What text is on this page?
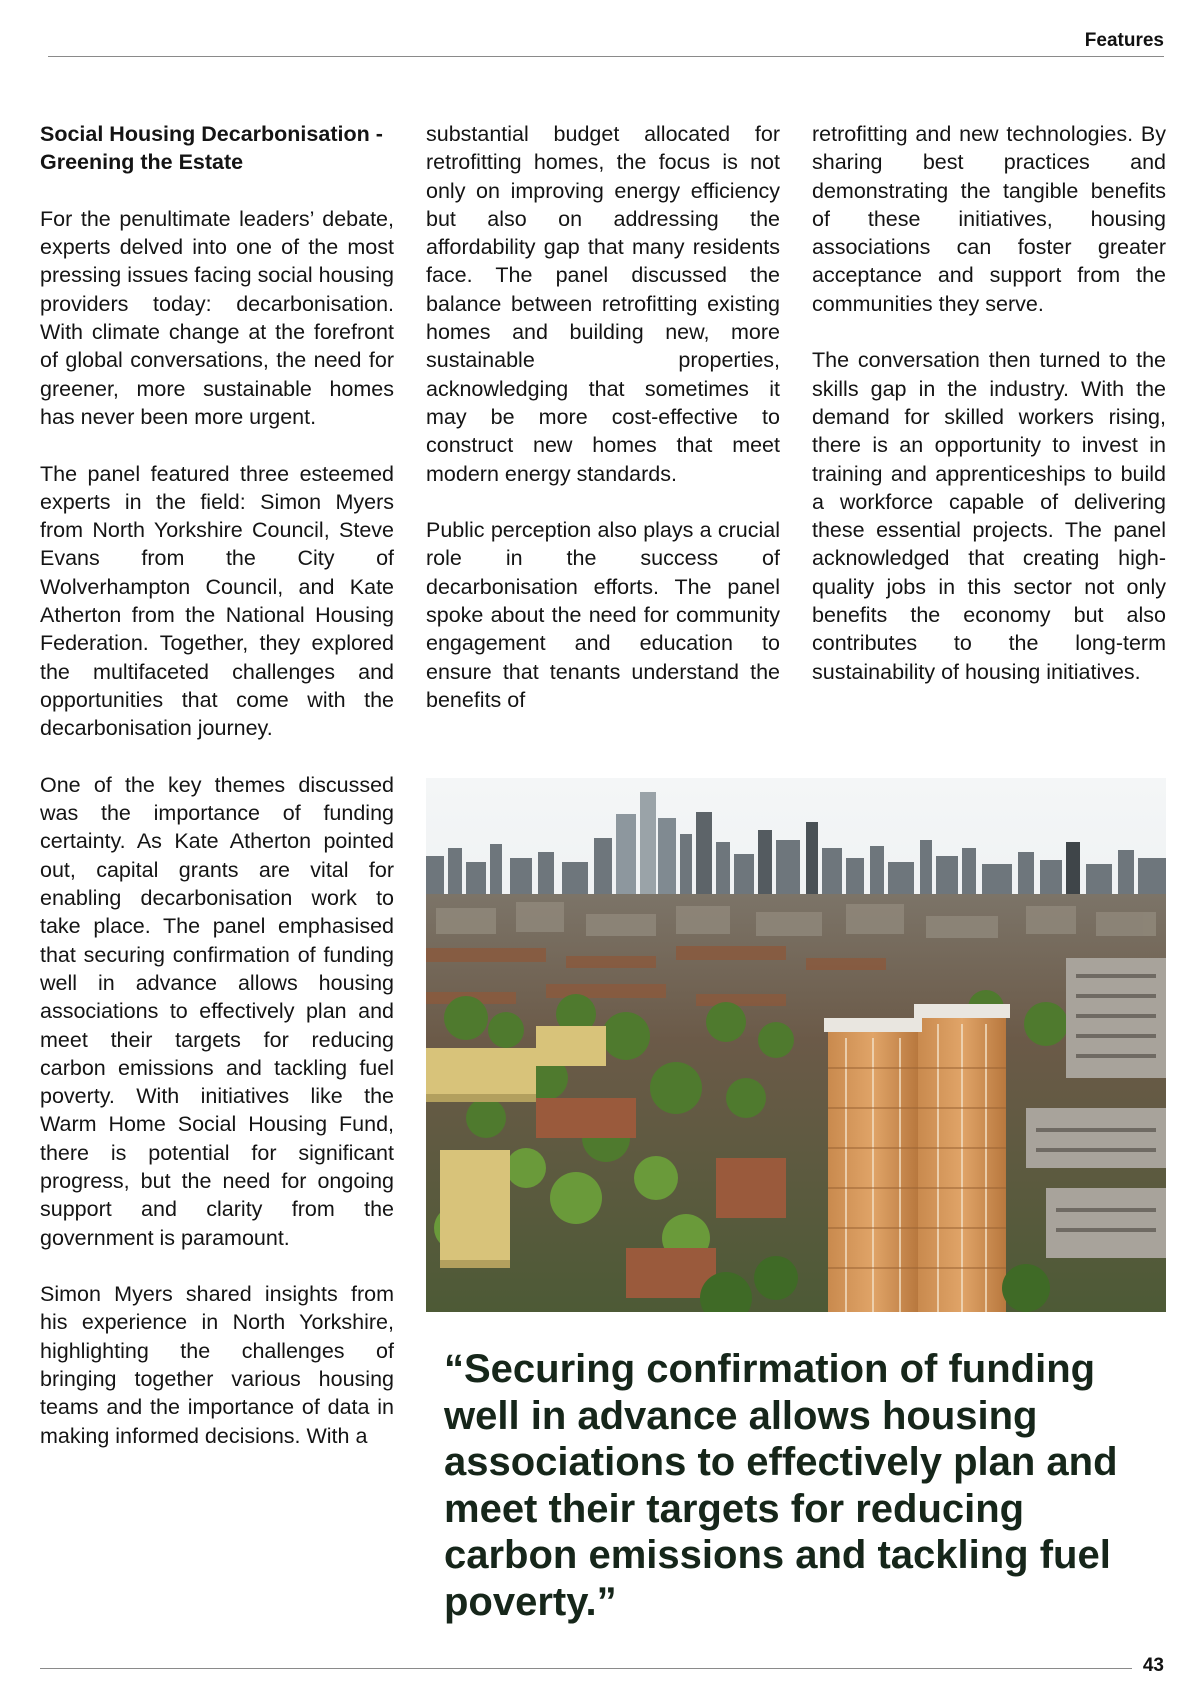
Features

Social Housing Decarbonisation - Greening the Estate

For the penultimate leaders’ debate, experts delved into one of the most pressing issues facing social housing providers today: decarbonisation. With climate change at the forefront of global conversations, the need for greener, more sustainable homes has never been more urgent.

The panel featured three esteemed experts in the field: Simon Myers from North Yorkshire Council, Steve Evans from the City of Wolverhampton Council, and Kate Atherton from the National Housing Federation. Together, they explored the multifaceted challenges and opportunities that come with the decarbonisation journey.

One of the key themes discussed was the importance of funding certainty. As Kate Atherton pointed out, capital grants are vital for enabling decarbonisation work to take place. The panel emphasised that securing confirmation of funding well in advance allows housing associations to effectively plan and meet their targets for reducing carbon emissions and tackling fuel poverty. With initiatives like the Warm Home Social Housing Fund, there is potential for significant progress, but the need for ongoing support and clarity from the government is paramount.

Simon Myers shared insights from his experience in North Yorkshire, highlighting the challenges of bringing together various housing teams and the importance of data in making informed decisions. With a

substantial budget allocated for retrofitting homes, the focus is not only on improving energy efficiency but also on addressing the affordability gap that many residents face. The panel discussed the balance between retrofitting existing homes and building new, more sustainable properties, acknowledging that sometimes it may be more cost-effective to construct new homes that meet modern energy standards.

Public perception also plays a crucial role in the success of decarbonisation efforts. The panel spoke about the need for community engagement and education to ensure that tenants understand the benefits of

retrofitting and new technologies. By sharing best practices and demonstrating the tangible benefits of these initiatives, housing associations can foster greater acceptance and support from the communities they serve.

The conversation then turned to the skills gap in the industry. With the demand for skilled workers rising, there is an opportunity to invest in training and apprenticeships to build a workforce capable of delivering these essential projects. The panel acknowledged that creating high-quality jobs in this sector not only benefits the economy but also contributes to the long-term sustainability of housing initiatives.

“Securing confirmation of funding well in advance allows housing associations to effectively plan and meet their targets for reducing carbon emissions and tackling fuel poverty.”
43
